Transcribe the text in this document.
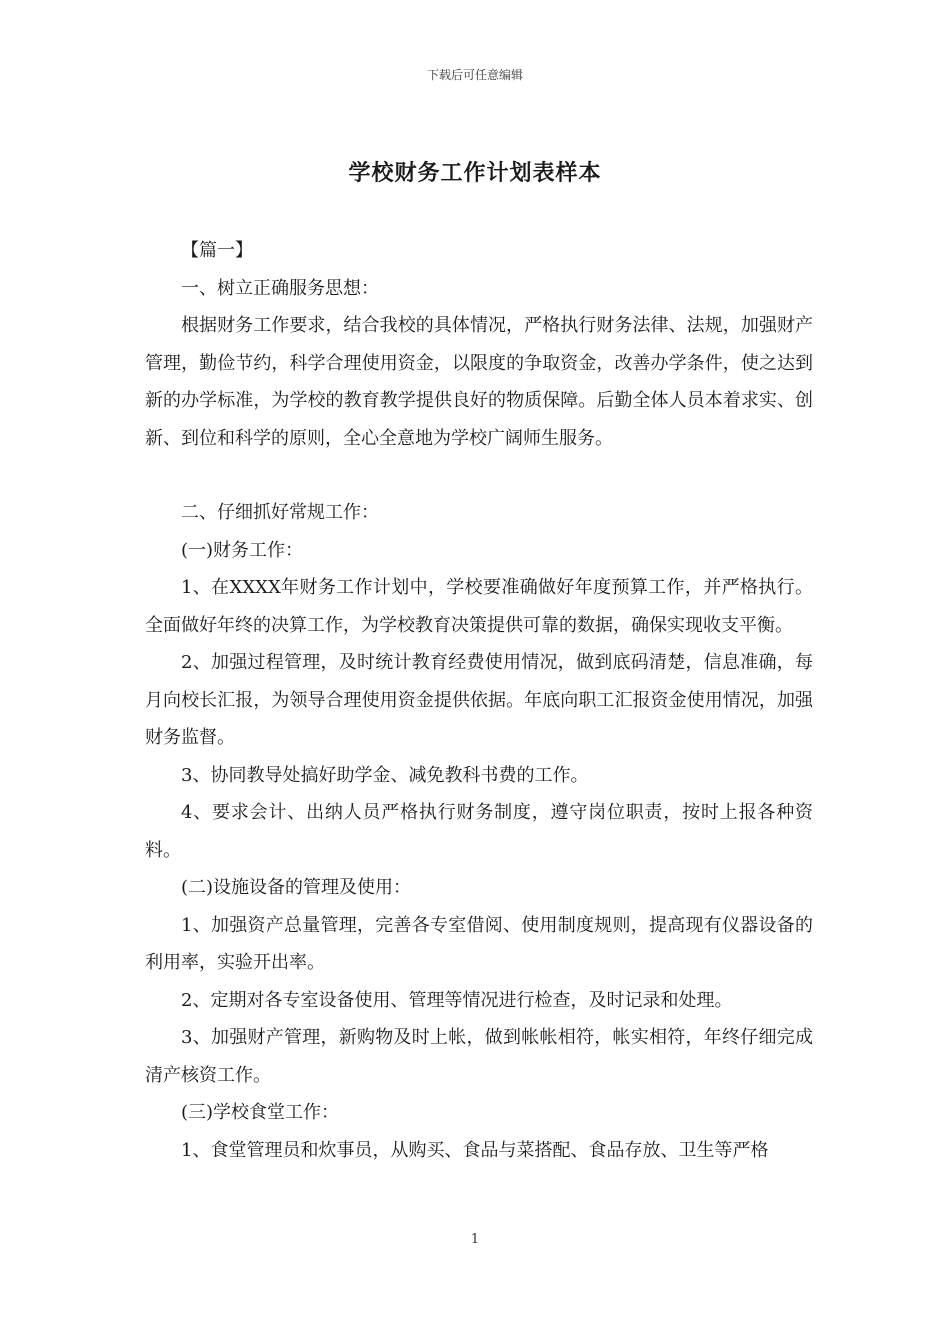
下载后可任意编辑
学校财务工作计划表样本

【篇一】

一、树立正确服务思想：

根据财务工作要求，结合我校的具体情况，严格执行财务法律、法规，加强财产管理，勤俭节约，科学合理使用资金，以限度的争取资金，改善办学条件，使之达到新的办学标准，为学校的教育教学提供良好的物质保障。后勤全体人员本着求实、创新、到位和科学的原则，全心全意地为学校广阔师生服务。

二、仔细抓好常规工作：

(一)财务工作：

1、在XXXX年财务工作计划中，学校要准确做好年度预算工作，并严格执行。全面做好年终的决算工作，为学校教育决策提供可靠的数据，确保实现收支平衡。

2、加强过程管理，及时统计教育经费使用情况，做到底码清楚，信息准确，每月向校长汇报，为领导合理使用资金提供依据。年底向职工汇报资金使用情况，加强财务监督。

3、协同教导处搞好助学金、减免教科书费的工作。

4、要求会计、出纳人员严格执行财务制度，遵守岗位职责，按时上报各种资料。

(二)设施设备的管理及使用：

1、加强资产总量管理，完善各专室借阅、使用制度规则，提高现有仪器设备的利用率，实验开出率。

2、定期对各专室设备使用、管理等情况进行检查，及时记录和处理。

3、加强财产管理，新购物及时上帐，做到帐帐相符，帐实相符，年终仔细完成清产核资工作。

(三)学校食堂工作：

1、食堂管理员和炊事员，从购买、食品与菜搭配、食品存放、卫生等严格

1
